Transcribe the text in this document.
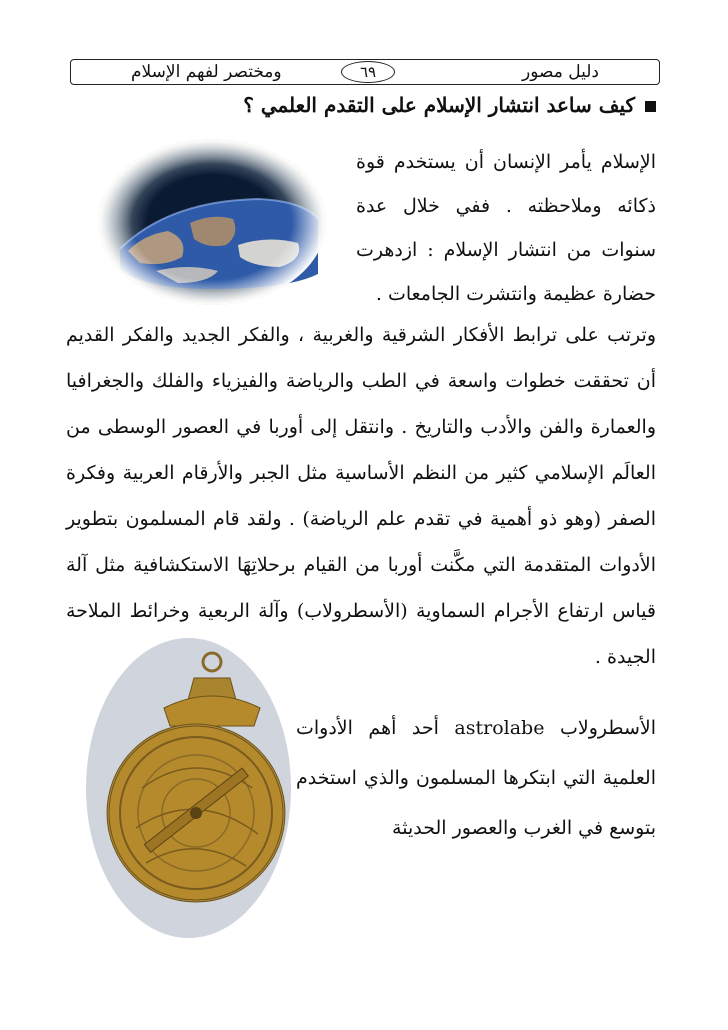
دليل مصور
٦٩
ومختصر لفهم الإسلام
كيف ساعد انتشار الإسلام على التقدم العلمي ؟
الإسلام يأمر الإنسان أن يستخدم قوة ذكائه وملاحظته . ففي خلال عدة سنوات من انتشار الإسلام : ازدهرت حضارة عظيمة وانتشرت الجامعات .
وترتب على ترابط الأفكار الشرقية والغربية ، والفكر الجديد والفكر القديم أن تحققت خطوات واسعة في الطب والرياضة والفيزياء والفلك والجغرافيا والعمارة والفن والأدب والتاريخ . وانتقل إلى أوربا في العصور الوسطى من العالَم الإسلامي كثير من النظم الأساسية مثل الجبر والأرقام العربية وفكرة الصفر (وهو ذو أهمية في تقدم علم الرياضة) . ولقد قام المسلمون بتطوير الأدوات المتقدمة التي مكَّنت أوربا من القيام برحلاتِهَا الاستكشافية مثل آلة قياس ارتفاع الأجرام السماوية (الأسطرولاب) وآلة الربعية وخرائط الملاحة الجيدة .
الأسطرولاب astrolabe أحد أهم الأدوات العلمية التي ابتكرها المسلمون والذي استخدم بتوسع في الغرب والعصور الحديثة
